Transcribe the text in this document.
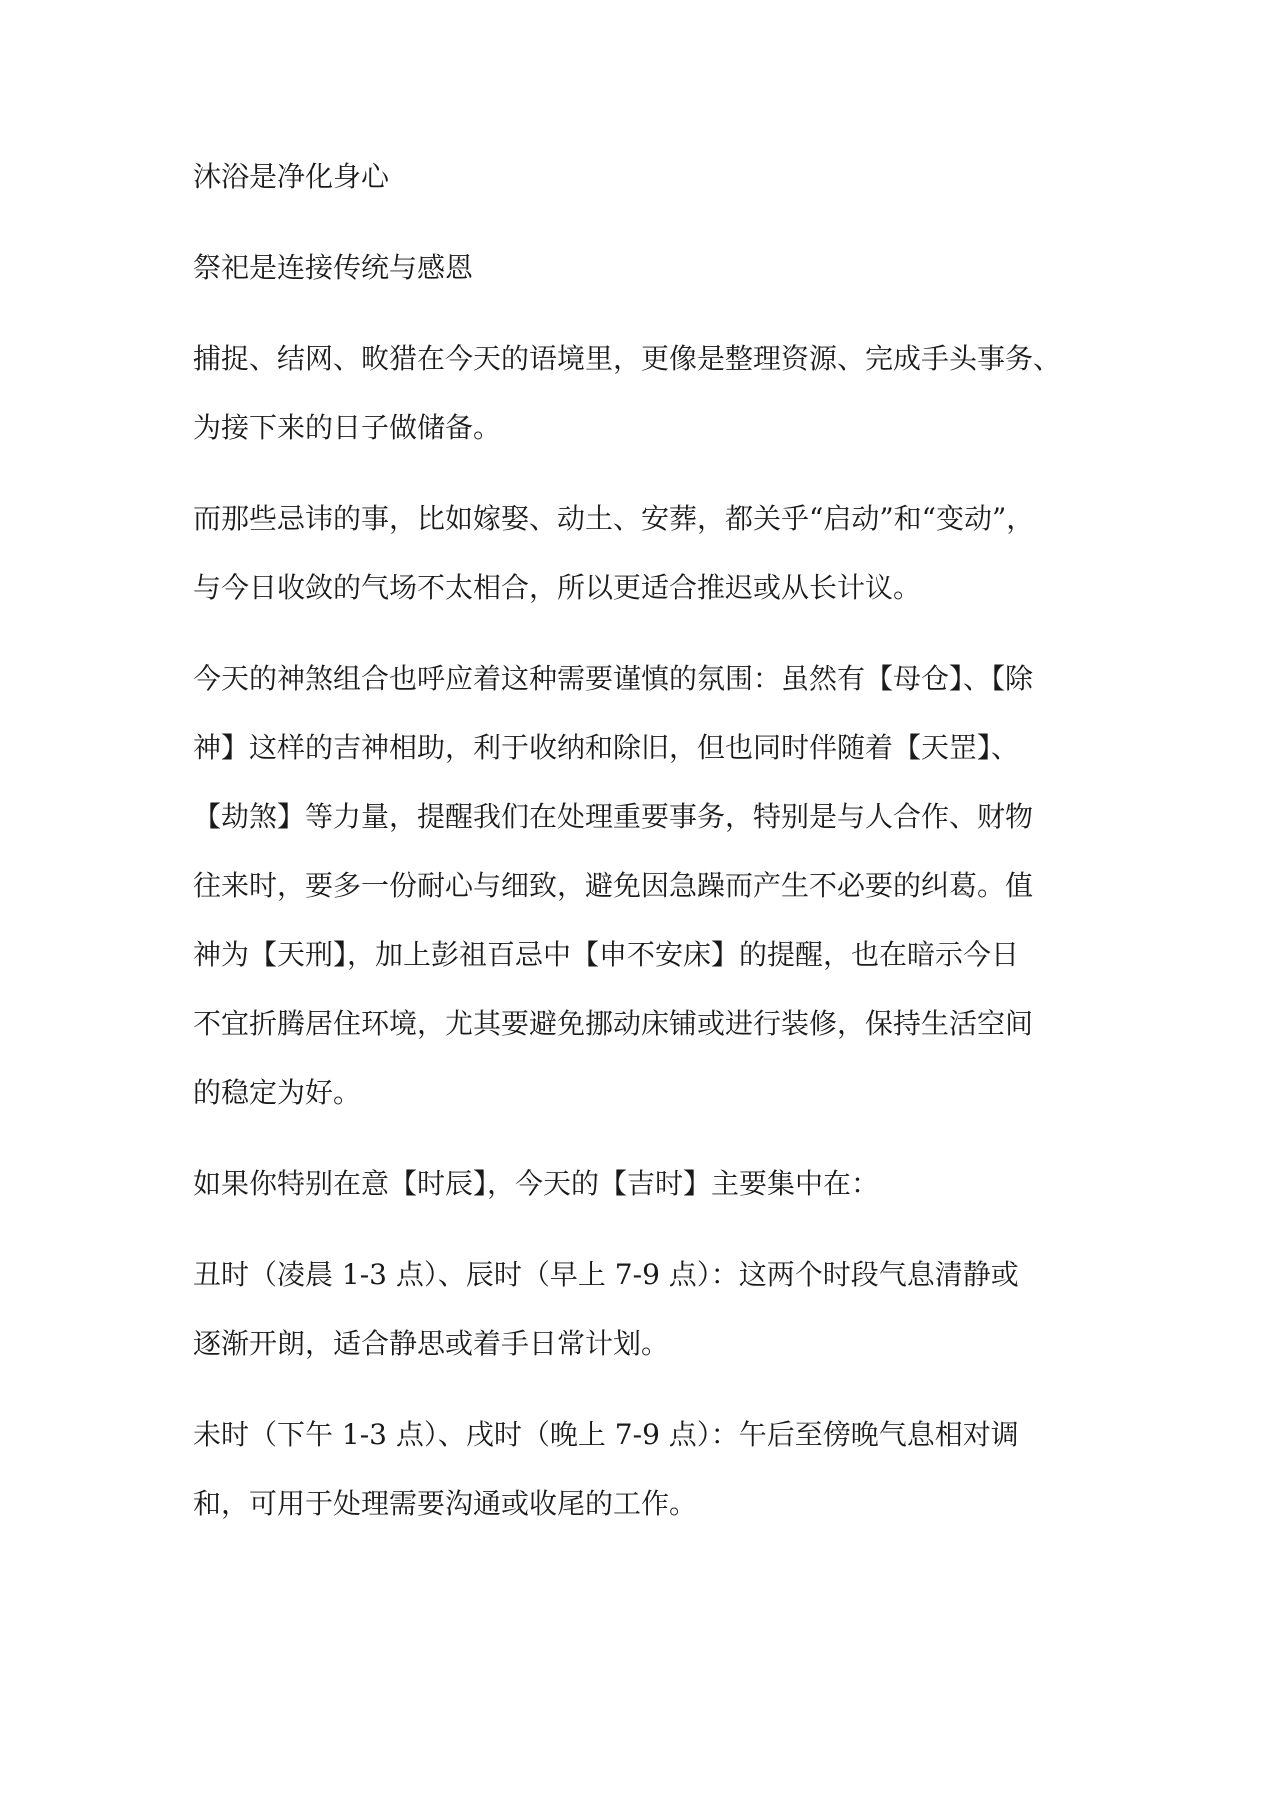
沐浴是净化身心

祭祀是连接传统与感恩

捕捉、结网、畋猎在今天的语境里，更像是整理资源、完成手头事务、
为接下来的日子做储备。

而那些忌讳的事，比如嫁娶、动土、安葬，都关乎“启动”和“变动”，
与今日收敛的气场不太相合，所以更适合推迟或从长计议。

今天的神煞组合也呼应着这种需要谨慎的氛围：虽然有【母仓】、【除
神】这样的吉神相助，利于收纳和除旧，但也同时伴随着【天罡】、
【劫煞】等力量，提醒我们在处理重要事务，特别是与人合作、财物
往来时，要多一份耐心与细致，避免因急躁而产生不必要的纠葛。值
神为【天刑】，加上彭祖百忌中【申不安床】的提醒，也在暗示今日
不宜折腾居住环境，尤其要避免挪动床铺或进行装修，保持生活空间
的稳定为好。

如果你特别在意【时辰】，今天的【吉时】主要集中在：

丑时（凌晨 1-3 点）、辰时（早上 7-9 点）：这两个时段气息清静或
逐渐开朗，适合静思或着手日常计划。

未时（下午 1-3 点）、戌时（晚上 7-9 点）：午后至傍晚气息相对调
和，可用于处理需要沟通或收尾的工作。
